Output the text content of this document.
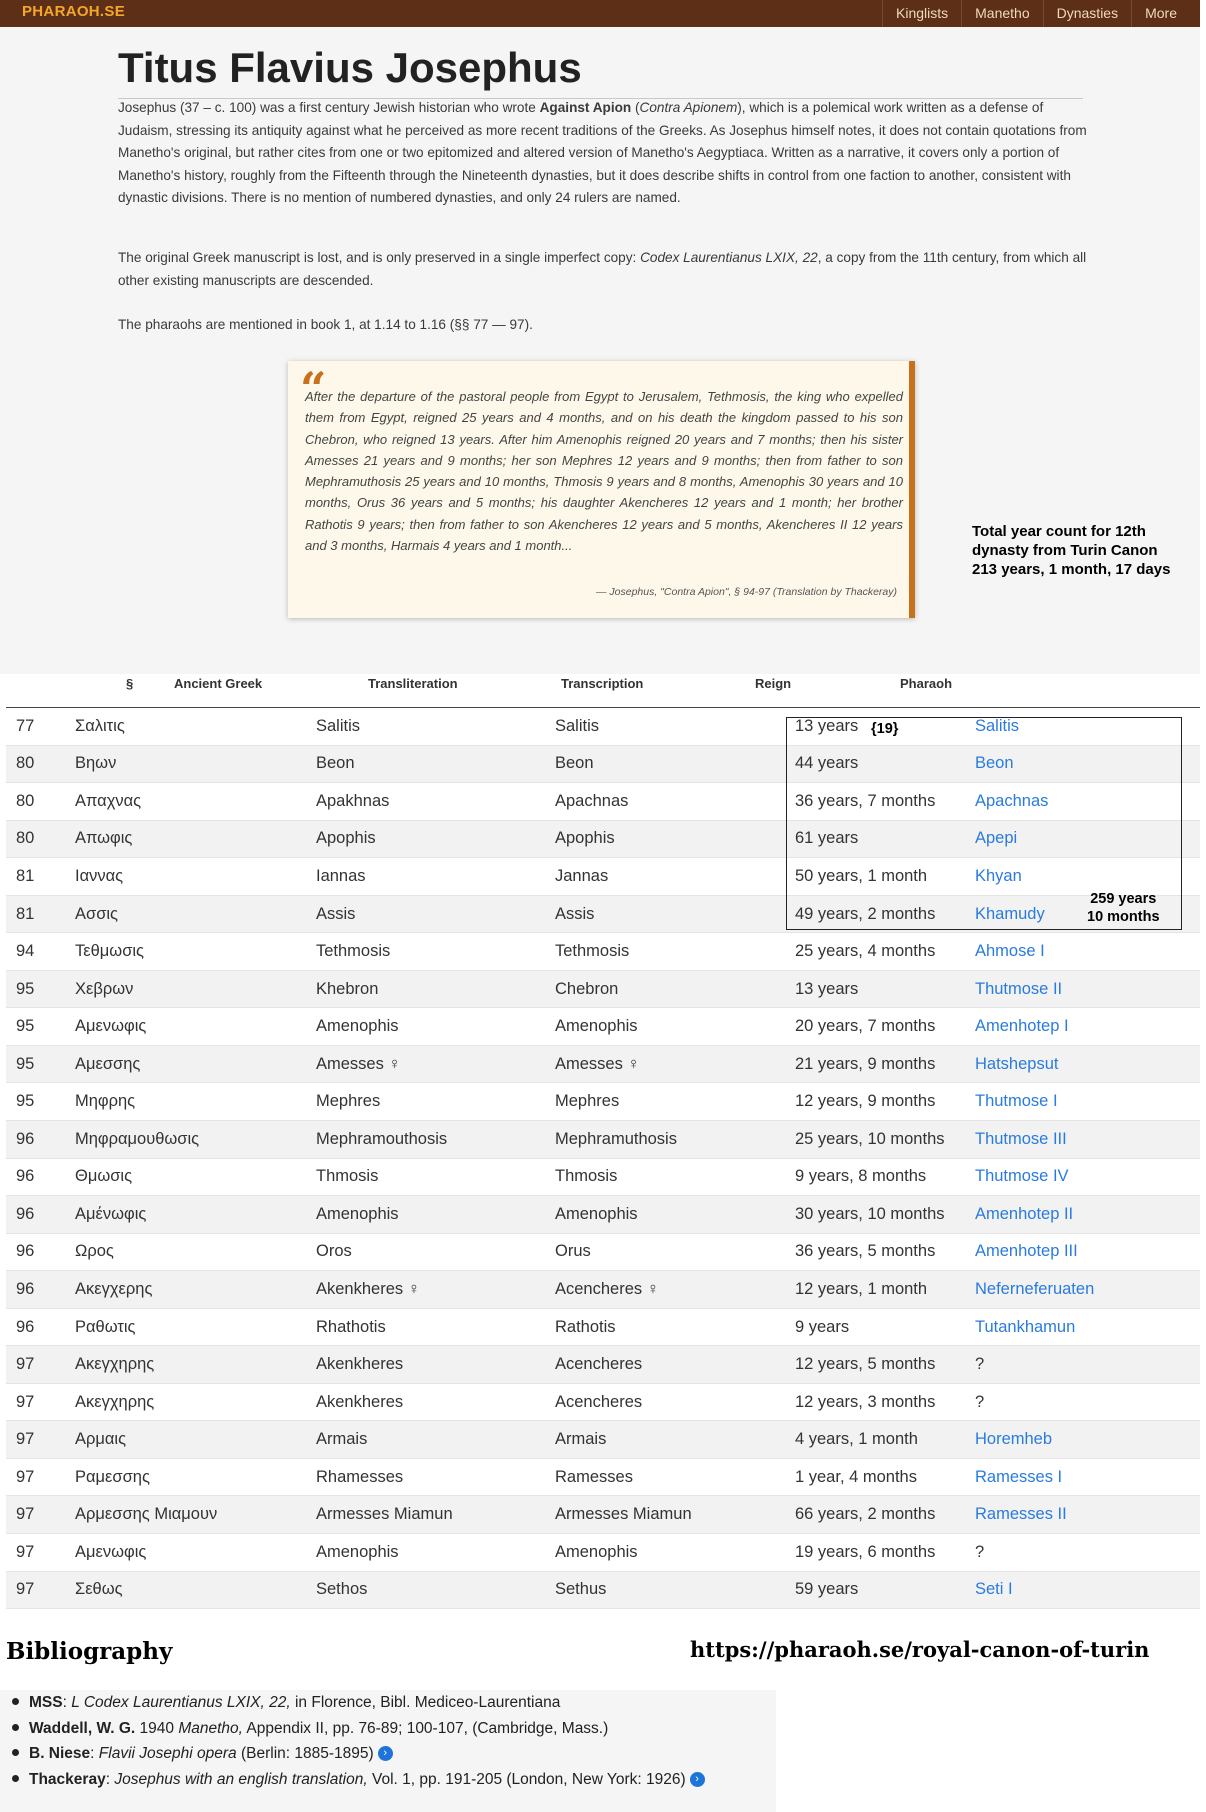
PHARAOH.SE	Kinglists	Manetho	Dynasties	More
Titus Flavius Josephus

Josephus (37 – c. 100) was a first century Jewish historian who wrote Against Apion (Contra Apionem), which is a polemical work written as a defense of Judaism, stressing its antiquity against what he perceived as more recent traditions of the Greeks. As Josephus himself notes, it does not contain quotations from Manetho's original, but rather cites from one or two epitomized and altered version of Manetho's Aegyptiaca. Written as a narrative, it covers only a portion of Manetho's history, roughly from the Fifteenth through the Nineteenth dynasties, but it does describe shifts in control from one faction to another, consistent with dynastic divisions. There is no mention of numbered dynasties, and only 24 rulers are named.

The original Greek manuscript is lost, and is only preserved in a single imperfect copy: Codex Laurentianus LXIX, 22, a copy from the 11th century, from which all other existing manuscripts are descended.

The pharaohs are mentioned in book 1, at 1.14 to 1.16 (§§ 77 — 97).

“

After the departure of the pastoral people from Egypt to Jerusalem, Tethmosis, the king who expelled them from Egypt, reigned 25 years and 4 months, and on his death the kingdom passed to his son Chebron, who reigned 13 years. After him Amenophis reigned 20 years and 7 months; then his sister Amesses 21 years and 9 months; her son Mephres 12 years and 9 months; then from father to son Mephramuthosis 25 years and 10 months, Thmosis 9 years and 8 months, Amenophis 30 years and 10 months, Orus 36 years and 5 months; his daughter Akencheres 12 years and 1 month; her brother Rathotis 9 years; then from father to son Akencheres 12 years and 5 months, Akencheres II 12 years and 3 months, Harmais 4 years and 1 month...

— Josephus, "Contra Apion", § 94-97 (Translation by Thackeray)
Total year count for 12th
dynasty from Turin Canon
213 years, 1 month, 17 days
§	Ancient Greek	Transliteration	Transcription	Reign	Pharaoh
77 Σαλιτις	Salitis	Salitis	13 years	Salitis
80 Βηων	Beon	Beon	44 years	Beon
80 Απαχνας	Apakhnas	Apachnas	36 years, 7 months Apachnas
80 Απωφις	Apophis	Apophis	61 years	Apepi
81 Ιαννας	Iannas	Jannas	50 years, 1 month	Khyan
81 Ασσις	Assis	Assis	49 years, 2 months Khamudy
94 Τεθμωσις	Tethmosis	Tethmosis	25 years, 4 months Ahmose I
95 Χεβρων	Khebron	Chebron	13 years	Thutmose II
95 Αμενωφις	Amenophis	Amenophis	20 years, 7 months Amenhotep I
95 Αμεσσης	Amesses ♀	Amesses ♀	21 years, 9 months Hatshepsut
95 Μηφρης	Mephres	Mephres	12 years, 9 months Thutmose I
96 Μηφραμουθωσις	Mephramouthosis	Mephramuthosis	25 years, 10 months Thutmose III
96 Θμωσις	Thmosis	Thmosis	9 years, 8 months	Thutmose IV
96 Αμένωφις	Amenophis	Amenophis	30 years, 10 months Amenhotep II
96 Ωρος	Oros	Orus	36 years, 5 months Amenhotep III
96 Ακεγχερης	Akenkheres ♀	Acencheres ♀	12 years, 1 month	Neferneferuaten
96 Ραθωτις	Rhathotis	Rathotis	9 years	Tutankhamun
97 Ακεγχηρης	Akenkheres	Acencheres	12 years, 5 months ?
97 Ακεγχηρης	Akenkheres	Acencheres	12 years, 3 months ?
97 Αρμαις	Armais	Armais	4 years, 1 month	Horemheb
97 Ραμεσσης	Rhamesses	Ramesses	1 year, 4 months	Ramesses I
97 Αρμεσσης Μιαμουν	Armesses Miamun	Armesses Miamun	66 years, 2 months Ramesses II
97 Αμενωφις	Amenophis	Amenophis	19 years, 6 months ?
97 Σεθως	Sethos	Sethus	59 years	Seti I
{19}
259 years
10 months
Bibliography	https://pharaoh.se/royal-canon-of-turin
MSS: L Codex Laurentianus LXIX, 22, in Florence, Bibl. Mediceo-Laurentiana
Waddell, W. G. 1940 Manetho, Appendix II, pp. 76-89; 100-107, (Cambridge, Mass.)
B. Niese: Flavii Josephi opera (Berlin: 1885-1895) ›
Thackeray: Josephus with an english translation, Vol. 1, pp. 191-205 (London, New York: 1926) ›
